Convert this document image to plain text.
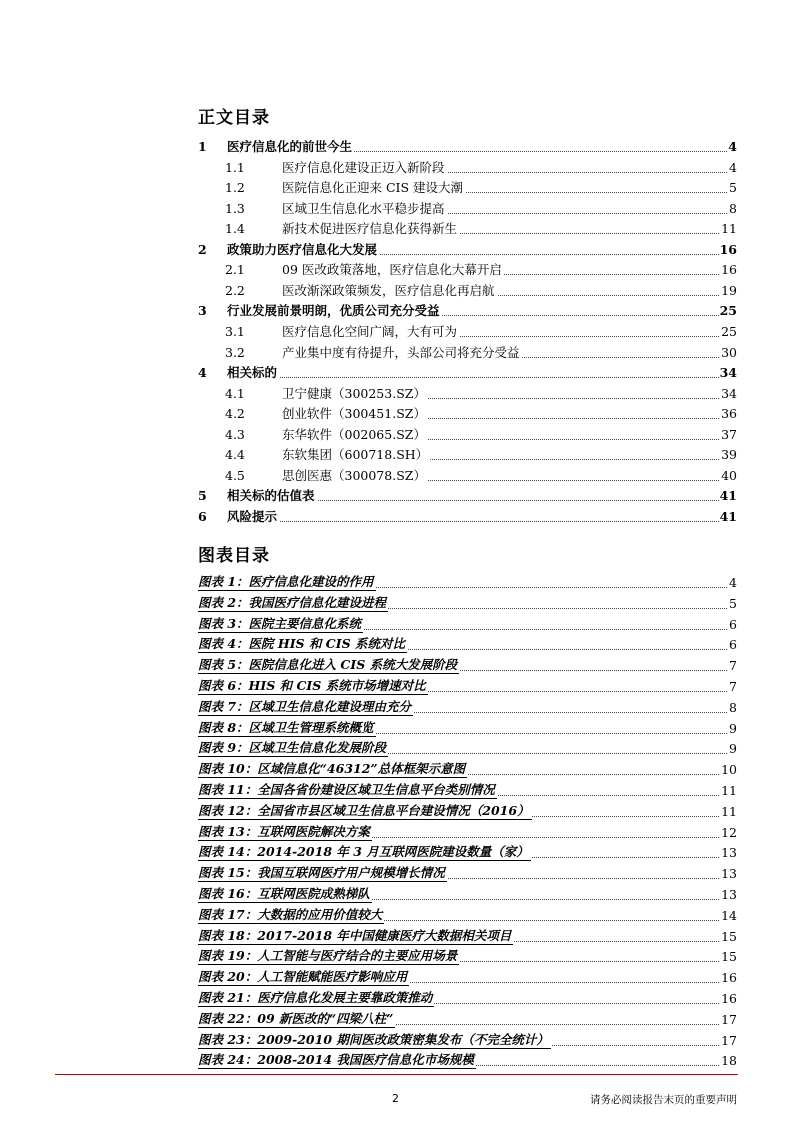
正文目录
1 医疗信息化的前世今生	4
1.1	医疗信息化建设正迈入新阶段	4
1.2	医院信息化正迎来 CIS 建设大潮	5
1.3	区域卫生信息化水平稳步提高	8
1.4	新技术促进医疗信息化获得新生	11
2 政策助力医疗信息化大发展	16
2.1	09 医改政策落地，医疗信息化大幕开启	16
2.2	医改渐深政策频发，医疗信息化再启航	19
3 行业发展前景明朗，优质公司充分受益	25
3.1	医疗信息化空间广阔，大有可为	25
3.2	产业集中度有待提升，头部公司将充分受益	30
4 相关标的	34
4.1	卫宁健康（300253.SZ）	34
4.2	创业软件（300451.SZ）	36
4.3	东华软件（002065.SZ）	37
4.4	东软集团（600718.SH）	39
4.5	思创医惠（300078.SZ）	40
5 相关标的估值表	41
6 风险提示	41
图表目录
图表 1：医疗信息化建设的作用	4
图表 2：我国医疗信息化建设进程	5
图表 3：医院主要信息化系统	6
图表 4：医院 HIS 和 CIS 系统对比	6
图表 5：医院信息化进入 CIS 系统大发展阶段	7
图表 6：HIS 和 CIS 系统市场增速对比	7
图表 7：区域卫生信息化建设理由充分	8
图表 8：区域卫生管理系统概览	9
图表 9：区域卫生信息化发展阶段	9
图表 10：区域信息化“46312”总体框架示意图	10
图表 11：全国各省份建设区域卫生信息平台类别情况	11
图表 12：全国省市县区域卫生信息平台建设情况（2016）	11
图表 13：互联网医院解决方案	12
图表 14：2014-2018 年 3 月互联网医院建设数量（家）	13
图表 15：我国互联网医疗用户规模增长情况	13
图表 16：互联网医院成熟梯队	13
图表 17：大数据的应用价值较大	14
图表 18：2017-2018 年中国健康医疗大数据相关项目	15
图表 19：人工智能与医疗结合的主要应用场景	15
图表 20：人工智能赋能医疗影响应用	16
图表 21：医疗信息化发展主要靠政策推动	16
图表 22：09 新医改的“四梁八柱”	17
图表 23：2009-2010 期间医改政策密集发布（不完全统计）	17
图表 24：2008-2014 我国医疗信息化市场规模	18
2	请务必阅读报告末页的重要声明
